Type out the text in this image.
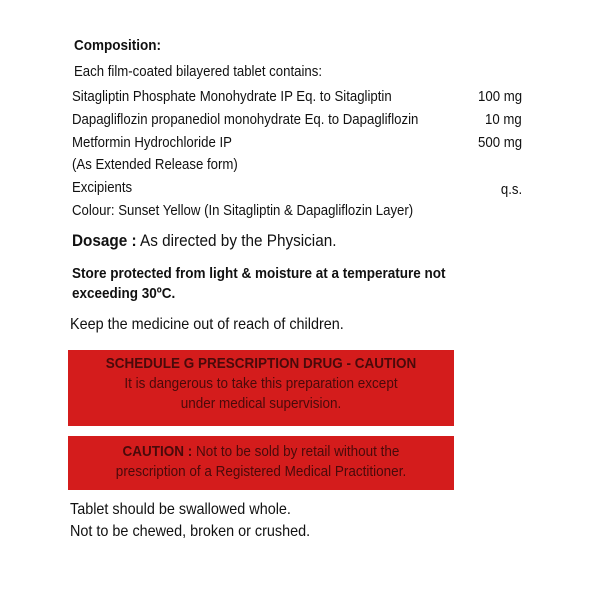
Composition:
Each film-coated bilayered tablet contains:
Sitagliptin Phosphate Monohydrate IP Eq. to Sitagliptin	100 mg
Dapagliflozin propanediol monohydrate Eq. to Dapagliflozin	10 mg
Metformin Hydrochloride IP	500 mg
(As Extended Release form)
Excipients	q.s.
Colour: Sunset Yellow (In Sitagliptin & Dapagliflozin Layer)
Dosage : As directed by the Physician.
Store protected from light & moisture at a temperature not
exceeding 30ºC.
Keep the medicine out of reach of children.
SCHEDULE G PRESCRIPTION DRUG - CAUTION
It is dangerous to take this preparation except
under medical supervision.
CAUTION : Not to be sold by retail without the
prescription of a Registered Medical Practitioner.
Tablet should be swallowed whole.
Not to be chewed, broken or crushed.
